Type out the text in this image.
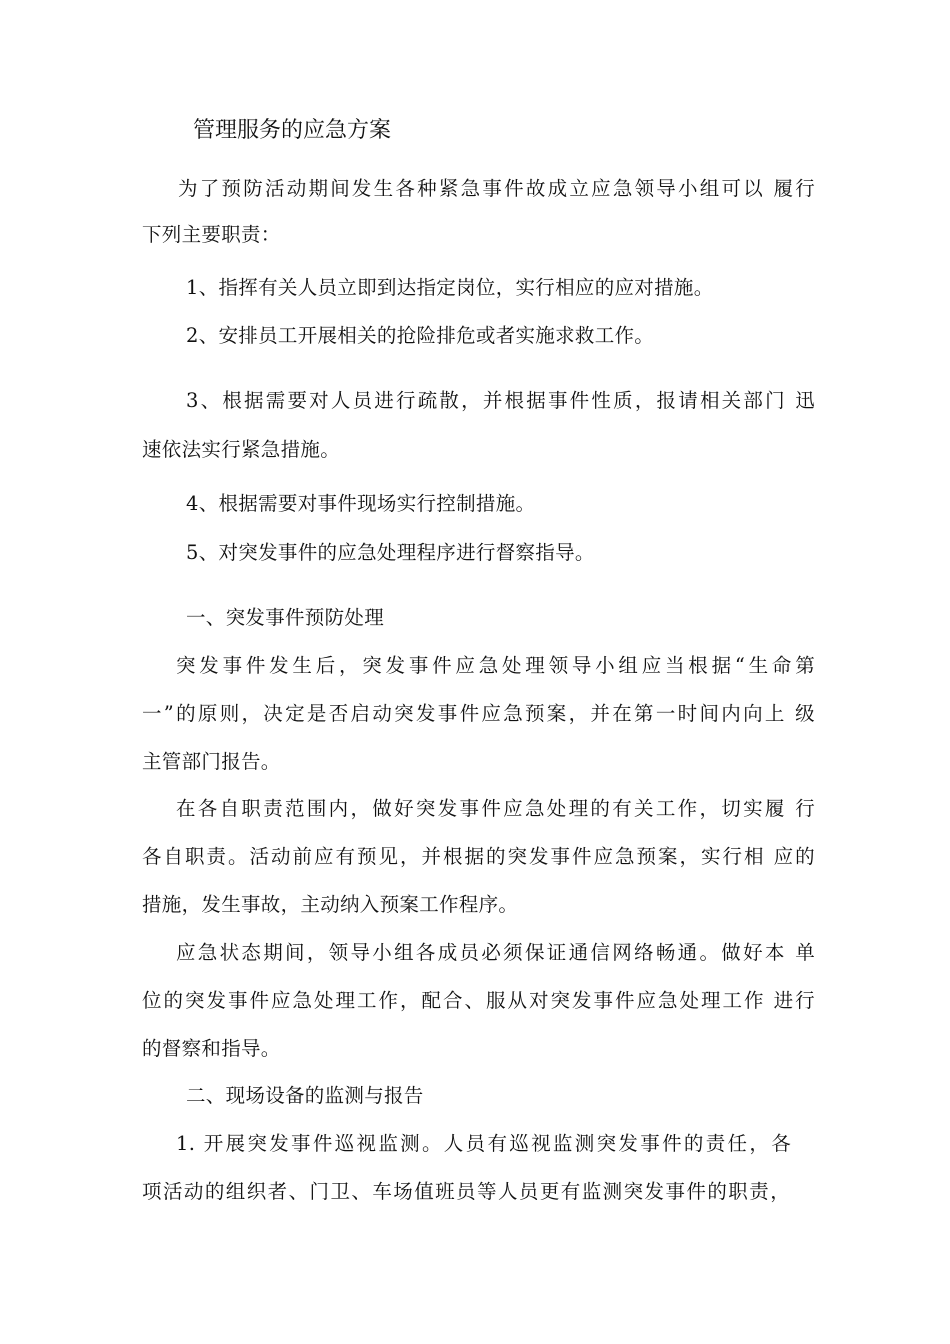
管理服务的应急方案
为了预防活动期间发生各种紧急事件故成立应急领导小组可以 履行
下列主要职责：
1、指挥有关人员立即到达指定岗位，实行相应的应对措施。
2、安排员工开展相关的抢险排危或者实施求救工作。
3、根据需要对人员进行疏散，并根据事件性质，报请相关部门 迅
速依法实行紧急措施。
4、根据需要对事件现场实行控制措施。
5、对突发事件的应急处理程序进行督察指导。
一、突发事件预防处理
突发事件发生后，突发事件应急处理领导小组应当根据“生命第
一”的原则，决定是否启动突发事件应急预案，并在第一时间内向上 级
主管部门报告。
在各自职责范围内，做好突发事件应急处理的有关工作，切实履 行
各自职责。活动前应有预见，并根据的突发事件应急预案，实行相 应的
措施，发生事故，主动纳入预案工作程序。
应急状态期间，领导小组各成员必须保证通信网络畅通。做好本 单
位的突发事件应急处理工作，配合、服从对突发事件应急处理工作 进行
的督察和指导。
二、现场设备的监测与报告
1. 开展突发事件巡视监测。人员有巡视监测突发事件的责任，各
项活动的组织者、门卫、车场值班员等人员更有监测突发事件的职责，
